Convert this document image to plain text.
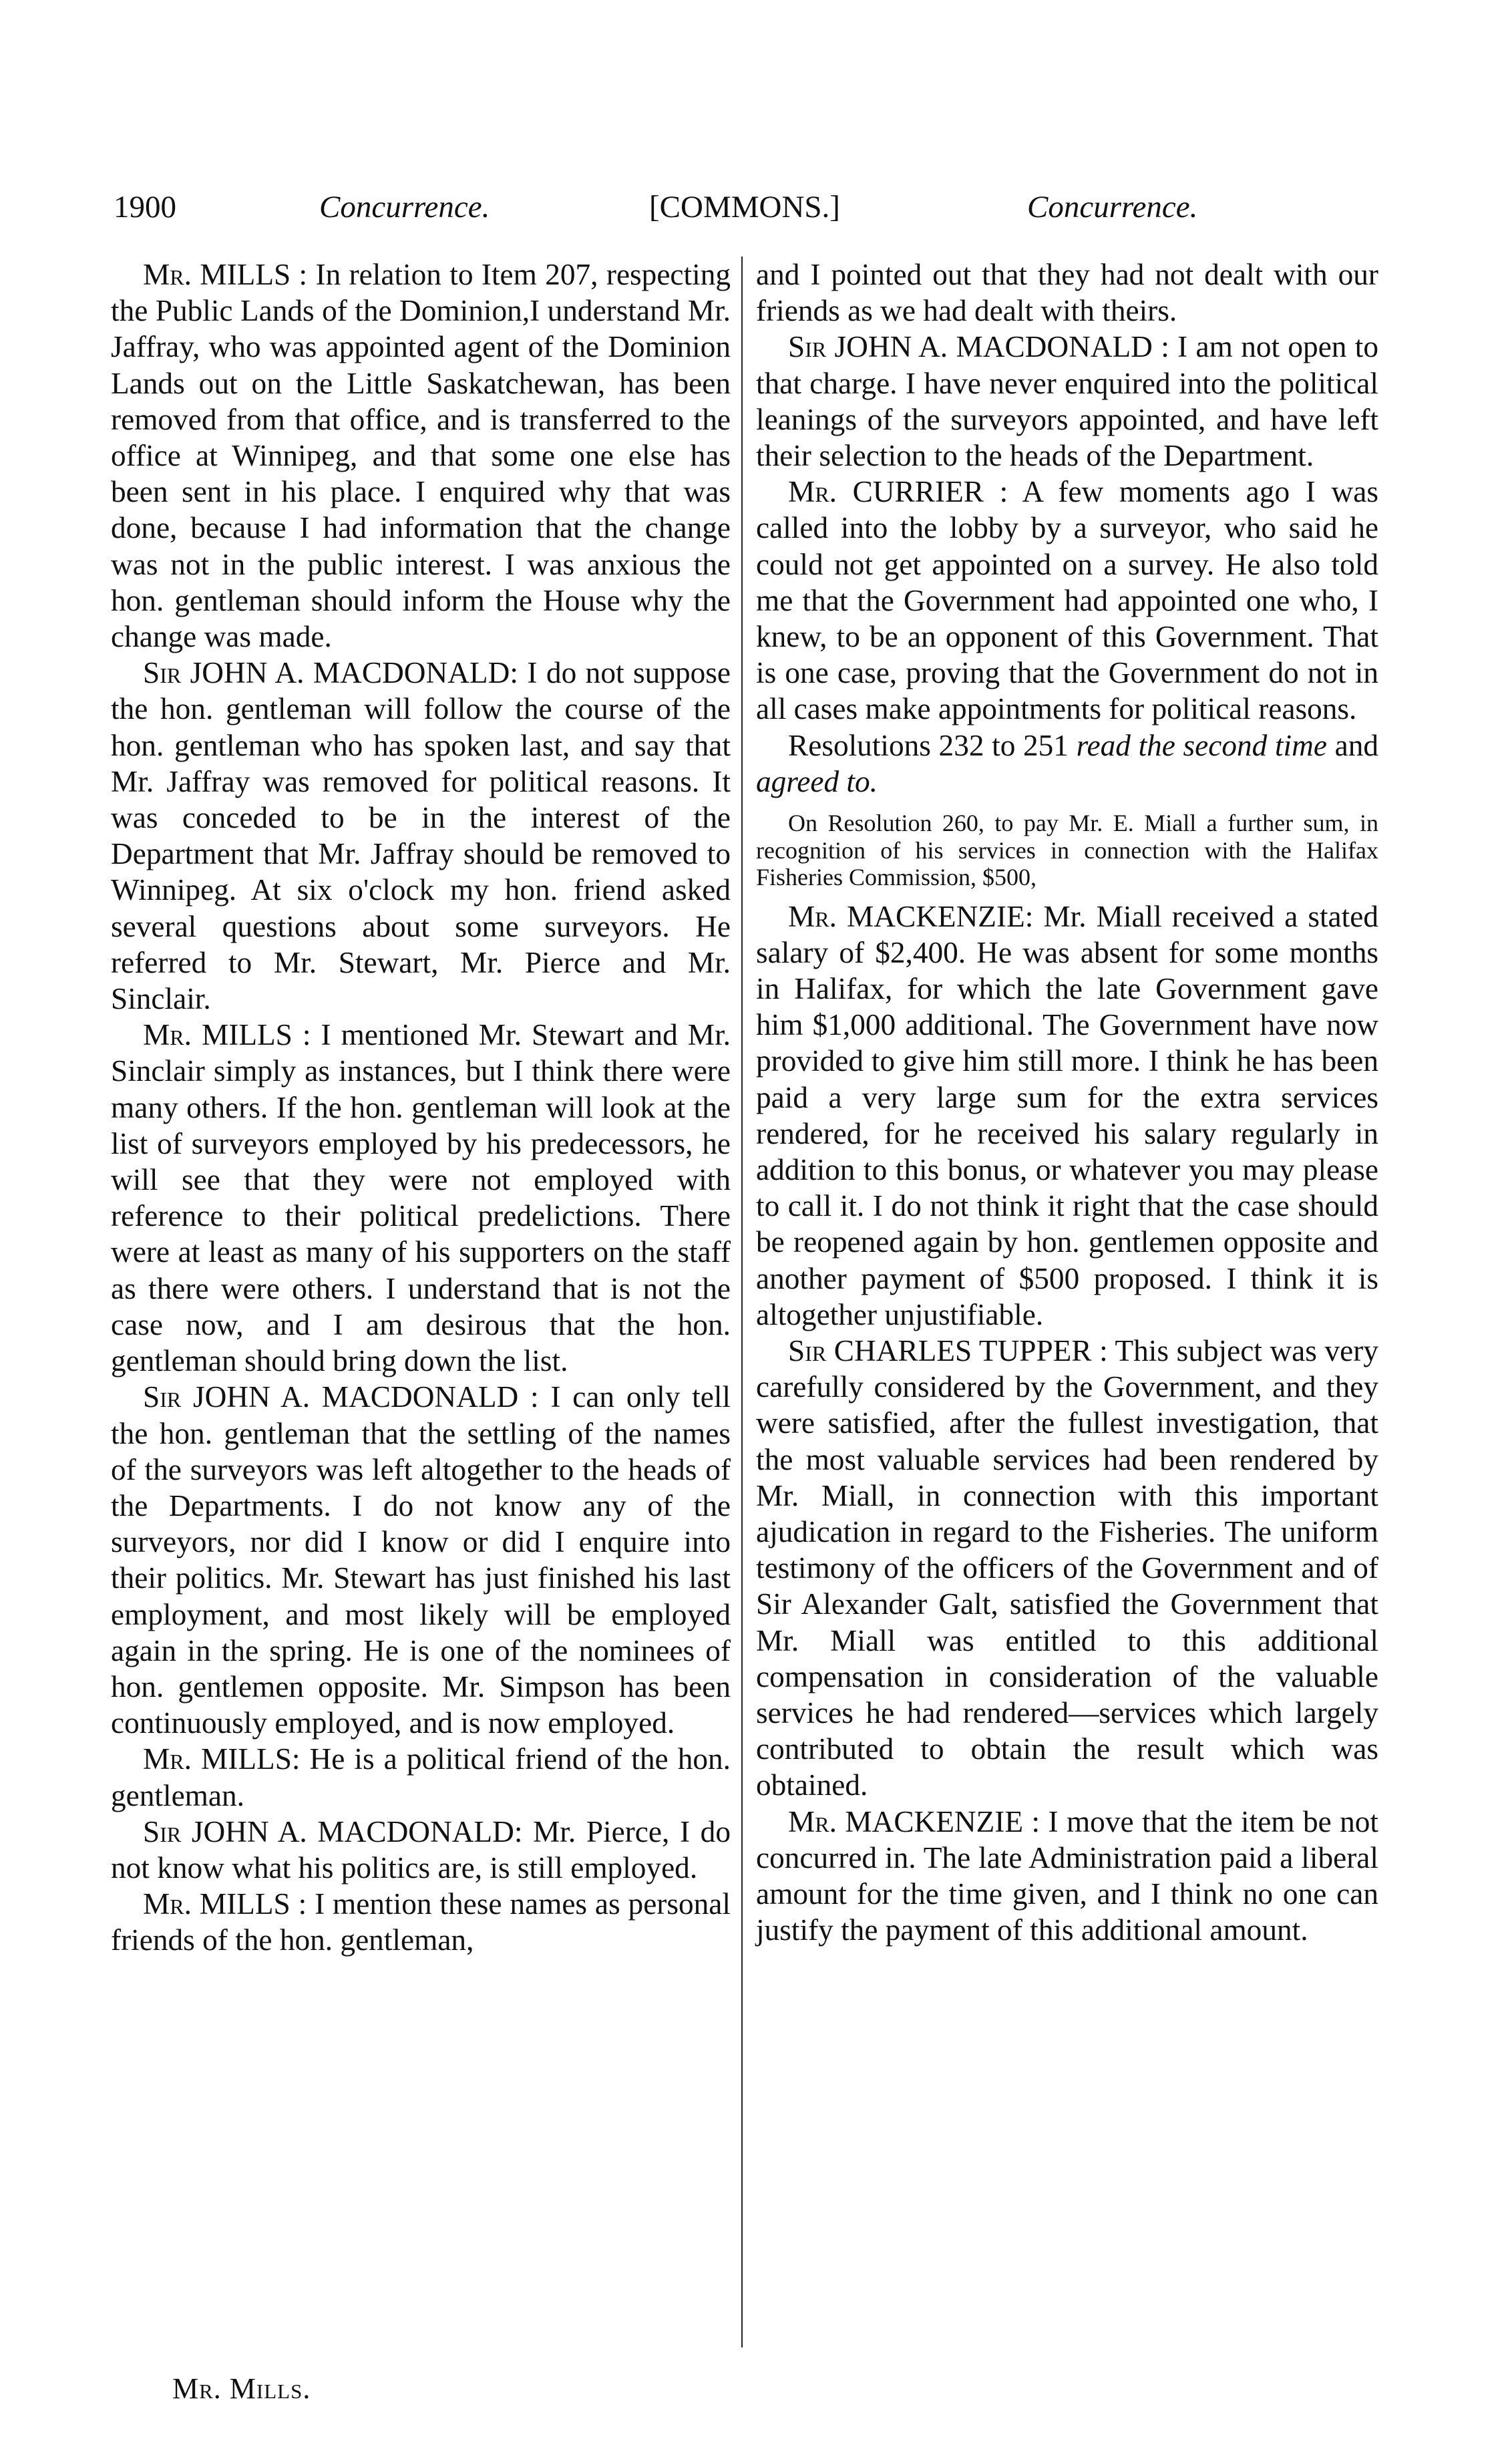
1900	Concurrence.	[COMMONS.]	Concurrence.

Mr. MILLS : In relation to Item 207, respecting the Public Lands of the Dominion,I understand Mr. Jaffray, who was appointed agent of the Dominion Lands out on the Little Saskatchewan, has been removed from that office, and is transferred to the office at Winnipeg, and that some one else has been sent in his place. I enquired why that was done, because I had information that the change was not in the public interest. I was anxious the hon. gentleman should inform the House why the change was made.

Sir JOHN A. MACDONALD: I do not suppose the hon. gentleman will follow the course of the hon. gentleman who has spoken last, and say that Mr. Jaffray was removed for political reasons. It was conceded to be in the interest of the Department that Mr. Jaffray should be removed to Winnipeg. At six o'clock my hon. friend asked several questions about some surveyors. He referred to Mr. Stewart, Mr. Pierce and Mr. Sinclair.

Mr. MILLS : I mentioned Mr. Stewart and Mr. Sinclair simply as instances, but I think there were many others. If the hon. gentleman will look at the list of surveyors employed by his predecessors, he will see that they were not employed with reference to their political predelictions. There were at least as many of his supporters on the staff as there were others. I understand that is not the case now, and I am desirous that the hon. gentleman should bring down the list.

Sir JOHN A. MACDONALD : I can only tell the hon. gentleman that the settling of the names of the surveyors was left altogether to the heads of the Departments. I do not know any of the surveyors, nor did I know or did I enquire into their politics. Mr. Stewart has just finished his last employment, and most likely will be employed again in the spring. He is one of the nominees of hon. gentlemen opposite. Mr. Simpson has been continuously employed, and is now employed.

Mr. MILLS: He is a political friend of the hon. gentleman.

Sir JOHN A. MACDONALD: Mr. Pierce, I do not know what his politics are, is still employed.

Mr. MILLS : I mention these names as personal friends of the hon. gentleman,

and I pointed out that they had not dealt with our friends as we had dealt with theirs.

Sir JOHN A. MACDONALD : I am not open to that charge. I have never enquired into the political leanings of the surveyors appointed, and have left their selection to the heads of the Department.

Mr. CURRIER : A few moments ago I was called into the lobby by a surveyor, who said he could not get appointed on a survey. He also told me that the Government had appointed one who, I knew, to be an opponent of this Government. That is one case, proving that the Government do not in all cases make appointments for political reasons.

Resolutions 232 to 251 read the second time and agreed to.

On Resolution 260, to pay Mr. E. Miall a further sum, in recognition of his services in connection with the Halifax Fisheries Commission, $500,

Mr. MACKENZIE: Mr. Miall received a stated salary of $2,400. He was absent for some months in Halifax, for which the late Government gave him $1,000 additional. The Government have now provided to give him still more. I think he has been paid a very large sum for the extra services rendered, for he received his salary regularly in addition to this bonus, or whatever you may please to call it. I do not think it right that the case should be reopened again by hon. gentlemen opposite and another payment of $500 proposed. I think it is altogether unjustifiable.

Sir CHARLES TUPPER : This subject was very carefully considered by the Government, and they were satisfied, after the fullest investigation, that the most valuable services had been rendered by Mr. Miall, in connection with this important ajudication in regard to the Fisheries. The uniform testimony of the officers of the Government and of Sir Alexander Galt, satisfied the Government that Mr. Miall was entitled to this additional compensation in consideration of the valuable services he had rendered—services which largely contributed to obtain the result which was obtained.

Mr. MACKENZIE : I move that the item be not concurred in. The late Administration paid a liberal amount for the time given, and I think no one can justify the payment of this additional amount.

Mr. Mills.
